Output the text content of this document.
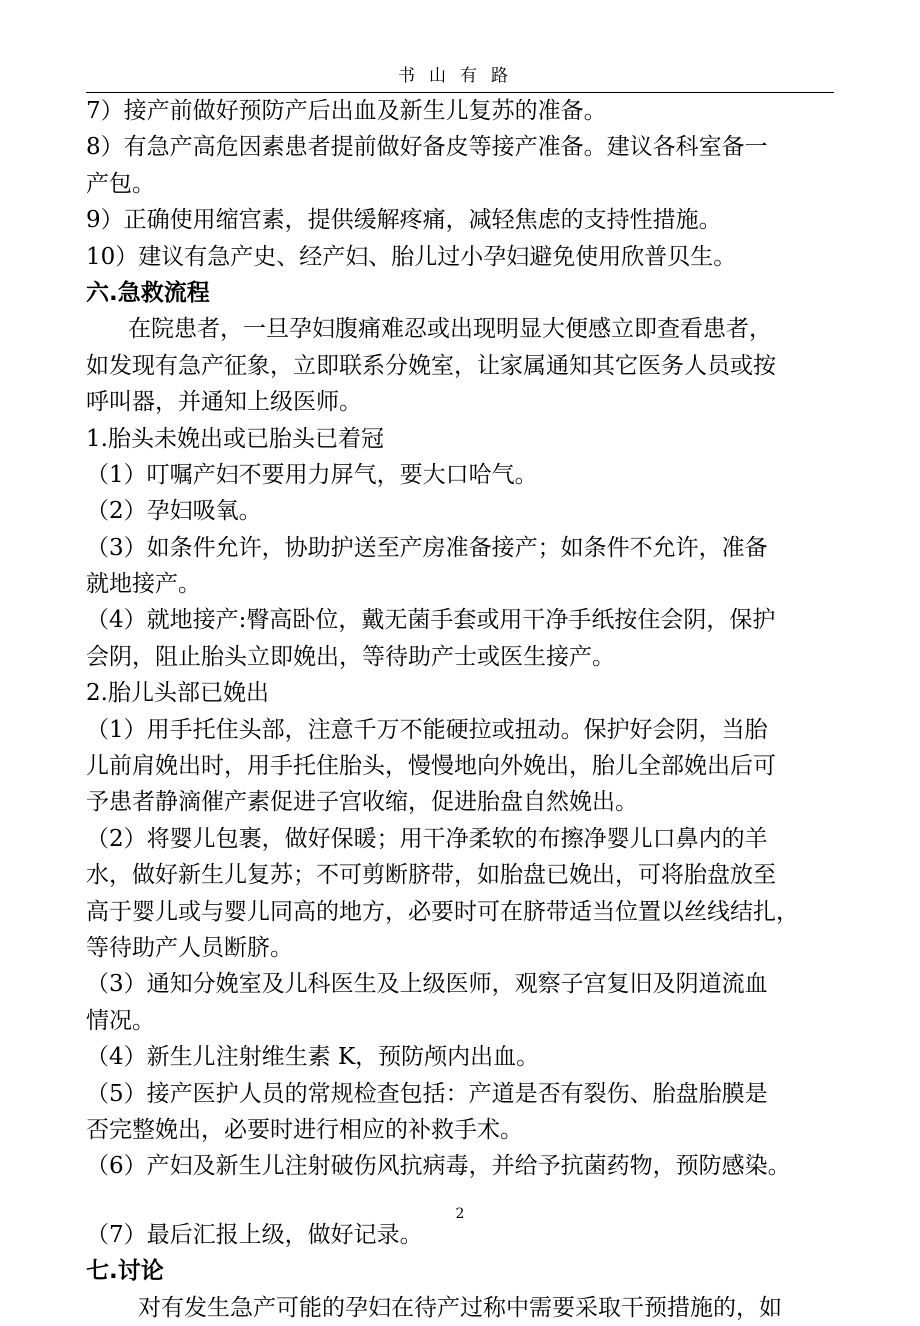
书山有路
7）接产前做好预防产后出血及新生儿复苏的准备。
8）有急产高危因素患者提前做好备皮等接产准备。建议各科室备一
产包。
9）正确使用缩宫素，提供缓解疼痛，减轻焦虑的支持性措施。
10）建议有急产史、经产妇、胎儿过小孕妇避免使用欣普贝生。
六.急救流程
在院患者，一旦孕妇腹痛难忍或出现明显大便感立即查看患者，
如发现有急产征象，立即联系分娩室，让家属通知其它医务人员或按
呼叫器，并通知上级医师。
1.胎头未娩出或已胎头已着冠
（1）叮嘱产妇不要用力屏气，要大口哈气。
（2）孕妇吸氧。
（3）如条件允许，协助护送至产房准备接产；如条件不允许，准备
就地接产。
（4）就地接产:臀高卧位，戴无菌手套或用干净手纸按住会阴，保护
会阴，阻止胎头立即娩出，等待助产士或医生接产。
2.胎儿头部已娩出
（1）用手托住头部，注意千万不能硬拉或扭动。保护好会阴，当胎
儿前肩娩出时，用手托住胎头，慢慢地向外娩出，胎儿全部娩出后可
予患者静滴催产素促进子宫收缩，促进胎盘自然娩出。
（2）将婴儿包裹，做好保暖；用干净柔软的布擦净婴儿口鼻内的羊
水，做好新生儿复苏；不可剪断脐带，如胎盘已娩出，可将胎盘放至
高于婴儿或与婴儿同高的地方，必要时可在脐带适当位置以丝线结扎，
等待助产人员断脐。
（3）通知分娩室及儿科医生及上级医师，观察子宫复旧及阴道流血
情况。
（4）新生儿注射维生素 K，预防颅内出血。
（5）接产医护人员的常规检查包括：产道是否有裂伤、胎盘胎膜是
否完整娩出，必要时进行相应的补救手术。
（6）产妇及新生儿注射破伤风抗病毒，并给予抗菌药物，预防感染。
（7）最后汇报上级，做好记录。
七.讨论
对有发生急产可能的孕妇在待产过称中需要采取干预措施的，如
2
